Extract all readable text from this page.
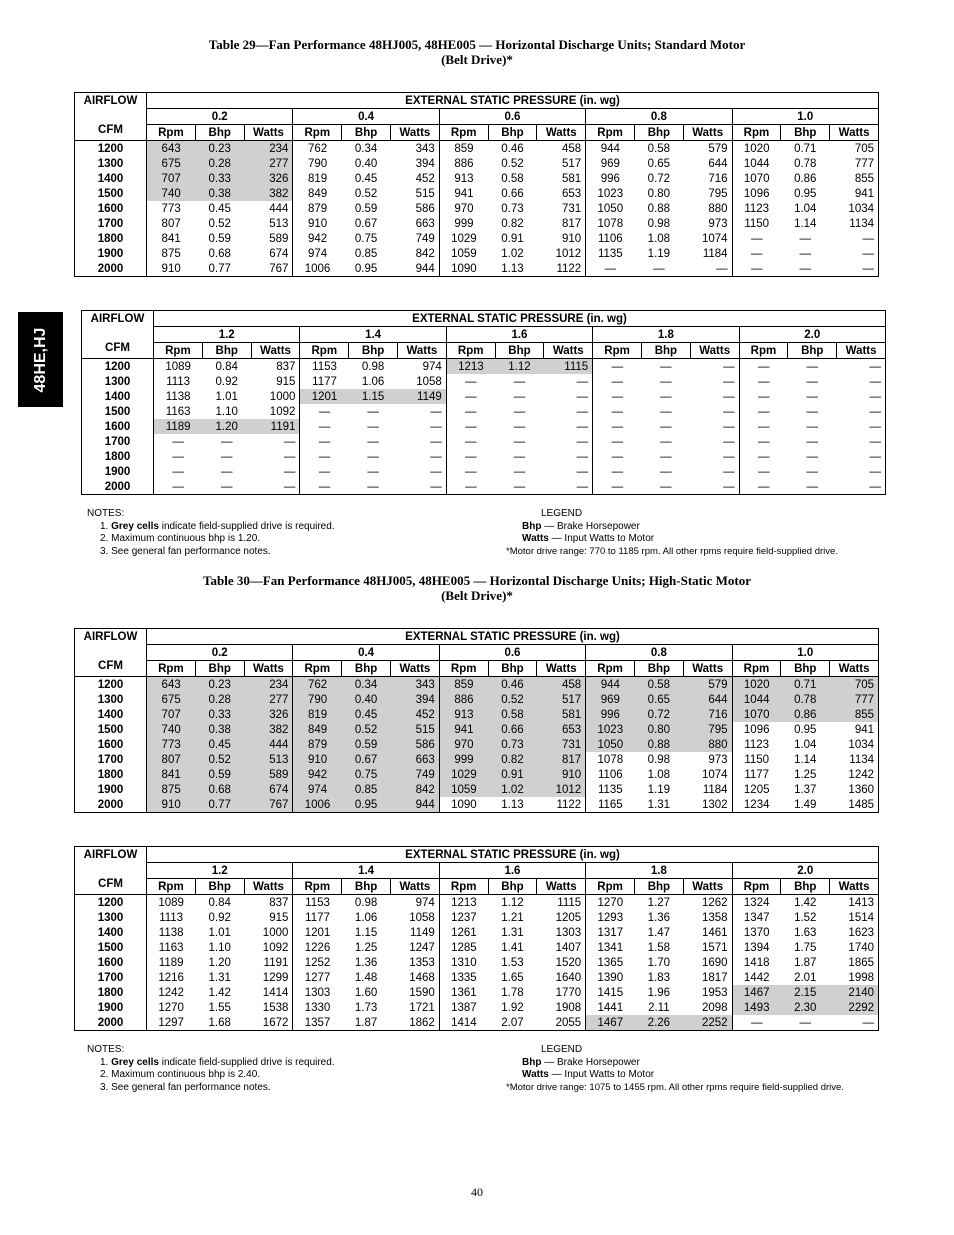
Table 29—Fan Performance 48HJ005, 48HE005 — Horizontal Discharge Units; Standard Motor
(Belt Drive)*
Table 30—Fan Performance 48HJ005, 48HE005 — Horizontal Discharge Units; High-Static Motor
(Belt Drive)*
48HE,HJ
AIRFLOW	EXTERNAL STATIC PRESSURE (in. wg)														
	0.2			0.4			0.6			0.8			1.0		
CFM	Rpm	Bhp	Watts	Rpm	Bhp	Watts	Rpm	Bhp	Watts	Rpm	Bhp	Watts	Rpm	Bhp	Watts
1200	643	0.23	234	762	0.34	343	859	0.46	458	944	0.58	579	1020	0.71	705
1300	675	0.28	277	790	0.40	394	886	0.52	517	969	0.65	644	1044	0.78	777
1400	707	0.33	326	819	0.45	452	913	0.58	581	996	0.72	716	1070	0.86	855
1500	740	0.38	382	849	0.52	515	941	0.66	653	1023	0.80	795	1096	0.95	941
1600	773	0.45	444	879	0.59	586	970	0.73	731	1050	0.88	880	1123	1.04	1034
1700	807	0.52	513	910	0.67	663	999	0.82	817	1078	0.98	973	1150	1.14	1134
1800	841	0.59	589	942	0.75	749	1029	0.91	910	1106	1.08	1074	—	—	—
1900	875	0.68	674	974	0.85	842	1059	1.02	1012	1135	1.19	1184	—	—	—
2000	910	0.77	767	1006	0.95	944	1090	1.13	1122	—	—	—	—	—	—
AIRFLOW	EXTERNAL STATIC PRESSURE (in. wg)														
	1.2			1.4			1.6			1.8			2.0		
CFM	Rpm	Bhp	Watts	Rpm	Bhp	Watts	Rpm	Bhp	Watts	Rpm	Bhp	Watts	Rpm	Bhp	Watts
1200	1089	0.84	837	1153	0.98	974	1213	1.12	1115	—	—	—	—	—	—
1300	1113	0.92	915	1177	1.06	1058	—	—	—	—	—	—	—	—	—
1400	1138	1.01	1000	1201	1.15	1149	—	—	—	—	—	—	—	—	—
1500	1163	1.10	1092	—	—	—	—	—	—	—	—	—	—	—	—
1600	1189	1.20	1191	—	—	—	—	—	—	—	—	—	—	—	—
1700	—	—	—	—	—	—	—	—	—	—	—	—	—	—	—
1800	—	—	—	—	—	—	—	—	—	—	—	—	—	—	—
1900	—	—	—	—	—	—	—	—	—	—	—	—	—	—	—
2000	—	—	—	—	—	—	—	—	—	—	—	—	—	—	—
AIRFLOW	EXTERNAL STATIC PRESSURE (in. wg)														
	0.2			0.4			0.6			0.8			1.0		
CFM	Rpm	Bhp	Watts	Rpm	Bhp	Watts	Rpm	Bhp	Watts	Rpm	Bhp	Watts	Rpm	Bhp	Watts
1200	643	0.23	234	762	0.34	343	859	0.46	458	944	0.58	579	1020	0.71	705
1300	675	0.28	277	790	0.40	394	886	0.52	517	969	0.65	644	1044	0.78	777
1400	707	0.33	326	819	0.45	452	913	0.58	581	996	0.72	716	1070	0.86	855
1500	740	0.38	382	849	0.52	515	941	0.66	653	1023	0.80	795	1096	0.95	941
1600	773	0.45	444	879	0.59	586	970	0.73	731	1050	0.88	880	1123	1.04	1034
1700	807	0.52	513	910	0.67	663	999	0.82	817	1078	0.98	973	1150	1.14	1134
1800	841	0.59	589	942	0.75	749	1029	0.91	910	1106	1.08	1074	1177	1.25	1242
1900	875	0.68	674	974	0.85	842	1059	1.02	1012	1135	1.19	1184	1205	1.37	1360
2000	910	0.77	767	1006	0.95	944	1090	1.13	1122	1165	1.31	1302	1234	1.49	1485
AIRFLOW	EXTERNAL STATIC PRESSURE (in. wg)														
	1.2			1.4			1.6			1.8			2.0		
CFM	Rpm	Bhp	Watts	Rpm	Bhp	Watts	Rpm	Bhp	Watts	Rpm	Bhp	Watts	Rpm	Bhp	Watts
1200	1089	0.84	837	1153	0.98	974	1213	1.12	1115	1270	1.27	1262	1324	1.42	1413
1300	1113	0.92	915	1177	1.06	1058	1237	1.21	1205	1293	1.36	1358	1347	1.52	1514
1400	1138	1.01	1000	1201	1.15	1149	1261	1.31	1303	1317	1.47	1461	1370	1.63	1623
1500	1163	1.10	1092	1226	1.25	1247	1285	1.41	1407	1341	1.58	1571	1394	1.75	1740
1600	1189	1.20	1191	1252	1.36	1353	1310	1.53	1520	1365	1.70	1690	1418	1.87	1865
1700	1216	1.31	1299	1277	1.48	1468	1335	1.65	1640	1390	1.83	1817	1442	2.01	1998
1800	1242	1.42	1414	1303	1.60	1590	1361	1.78	1770	1415	1.96	1953	1467	2.15	2140
1900	1270	1.55	1538	1330	1.73	1721	1387	1.92	1908	1441	2.11	2098	1493	2.30	2292
2000	1297	1.68	1672	1357	1.87	1862	1414	2.07	2055	1467	2.26	2252	—	—	—
NOTES:
1. Grey cells indicate field-supplied drive is required.
2. Maximum continuous bhp is 1.20.
3. See general fan performance notes.
LEGEND
Bhp — Brake Horsepower
Watts — Input Watts to Motor
*Motor drive range: 770 to 1185 rpm. All other rpms require field-supplied drive.
NOTES:
1. Grey cells indicate field-supplied drive is required.
2. Maximum continuous bhp is 2.40.
3. See general fan performance notes.
LEGEND
Bhp — Brake Horsepower
Watts — Input Watts to Motor
*Motor drive range: 1075 to 1455 rpm. All other rpms require field-supplied drive.
40
